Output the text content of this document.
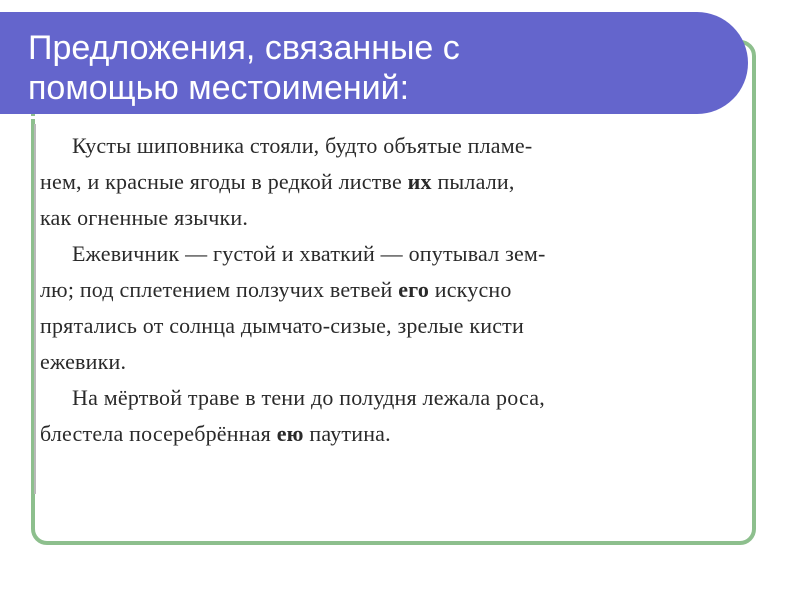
Предложения, связанные с
помощью местоимений:

Кусты шиповника стояли, будто объятые пламе-
нем, и красные ягоды в редкой листве их пылали,
как огненные язычки.

Ежевичник — густой и хваткий — опутывал зем-
лю; под сплетением ползучих ветвей его искусно
прятались от солнца дымчато-сизые, зрелые кисти
ежевики.

На мёртвой траве в тени до полудня лежала роса,
блестела посеребрённая ею паутина.
